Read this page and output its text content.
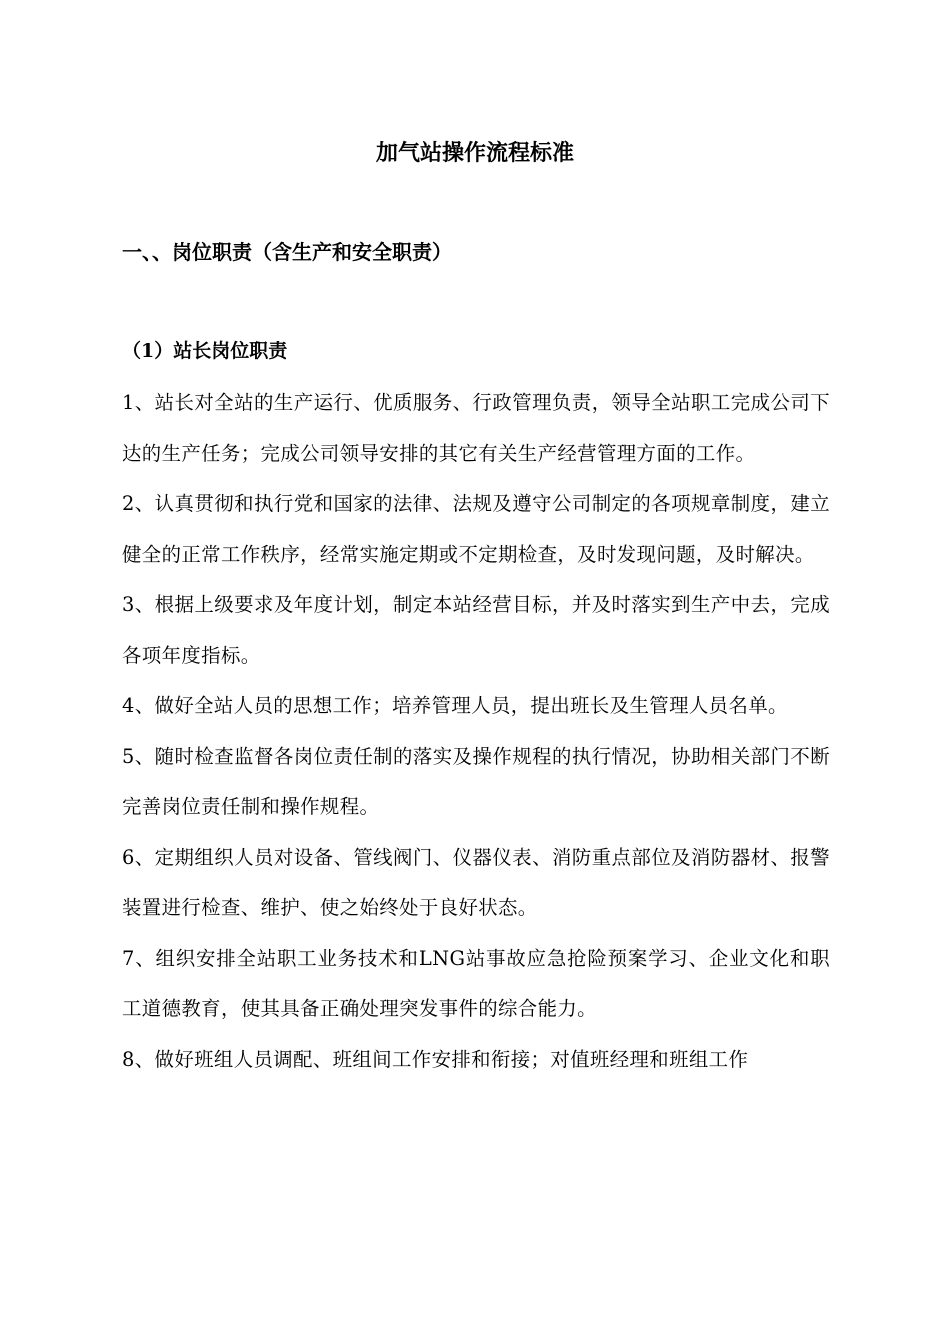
加气站操作流程标准
一、、岗位职责（含生产和安全职责）
（1）站长岗位职责
1、站长对全站的生产运行、优质服务、行政管理负责，领导全站职工完成公司下达的生产任务；完成公司领导安排的其它有关生产经营管理方面的工作。
2、认真贯彻和执行党和国家的法律、法规及遵守公司制定的各项规章制度，建立健全的正常工作秩序，经常实施定期或不定期检查，及时发现问题，及时解决。
3、根据上级要求及年度计划，制定本站经营目标，并及时落实到生产中去，完成各项年度指标。
4、做好全站人员的思想工作；培养管理人员，提出班长及生管理人员名单。
5、随时检查监督各岗位责任制的落实及操作规程的执行情况，协助相关部门不断完善岗位责任制和操作规程。
6、定期组织人员对设备、管线阀门、仪器仪表、消防重点部位及消防器材、报警装置进行检查、维护、使之始终处于良好状态。
7、组织安排全站职工业务技术和LNG站事故应急抢险预案学习、企业文化和职工道德教育，使其具备正确处理突发事件的综合能力。
8、做好班组人员调配、班组间工作安排和衔接；对值班经理和班组工作
